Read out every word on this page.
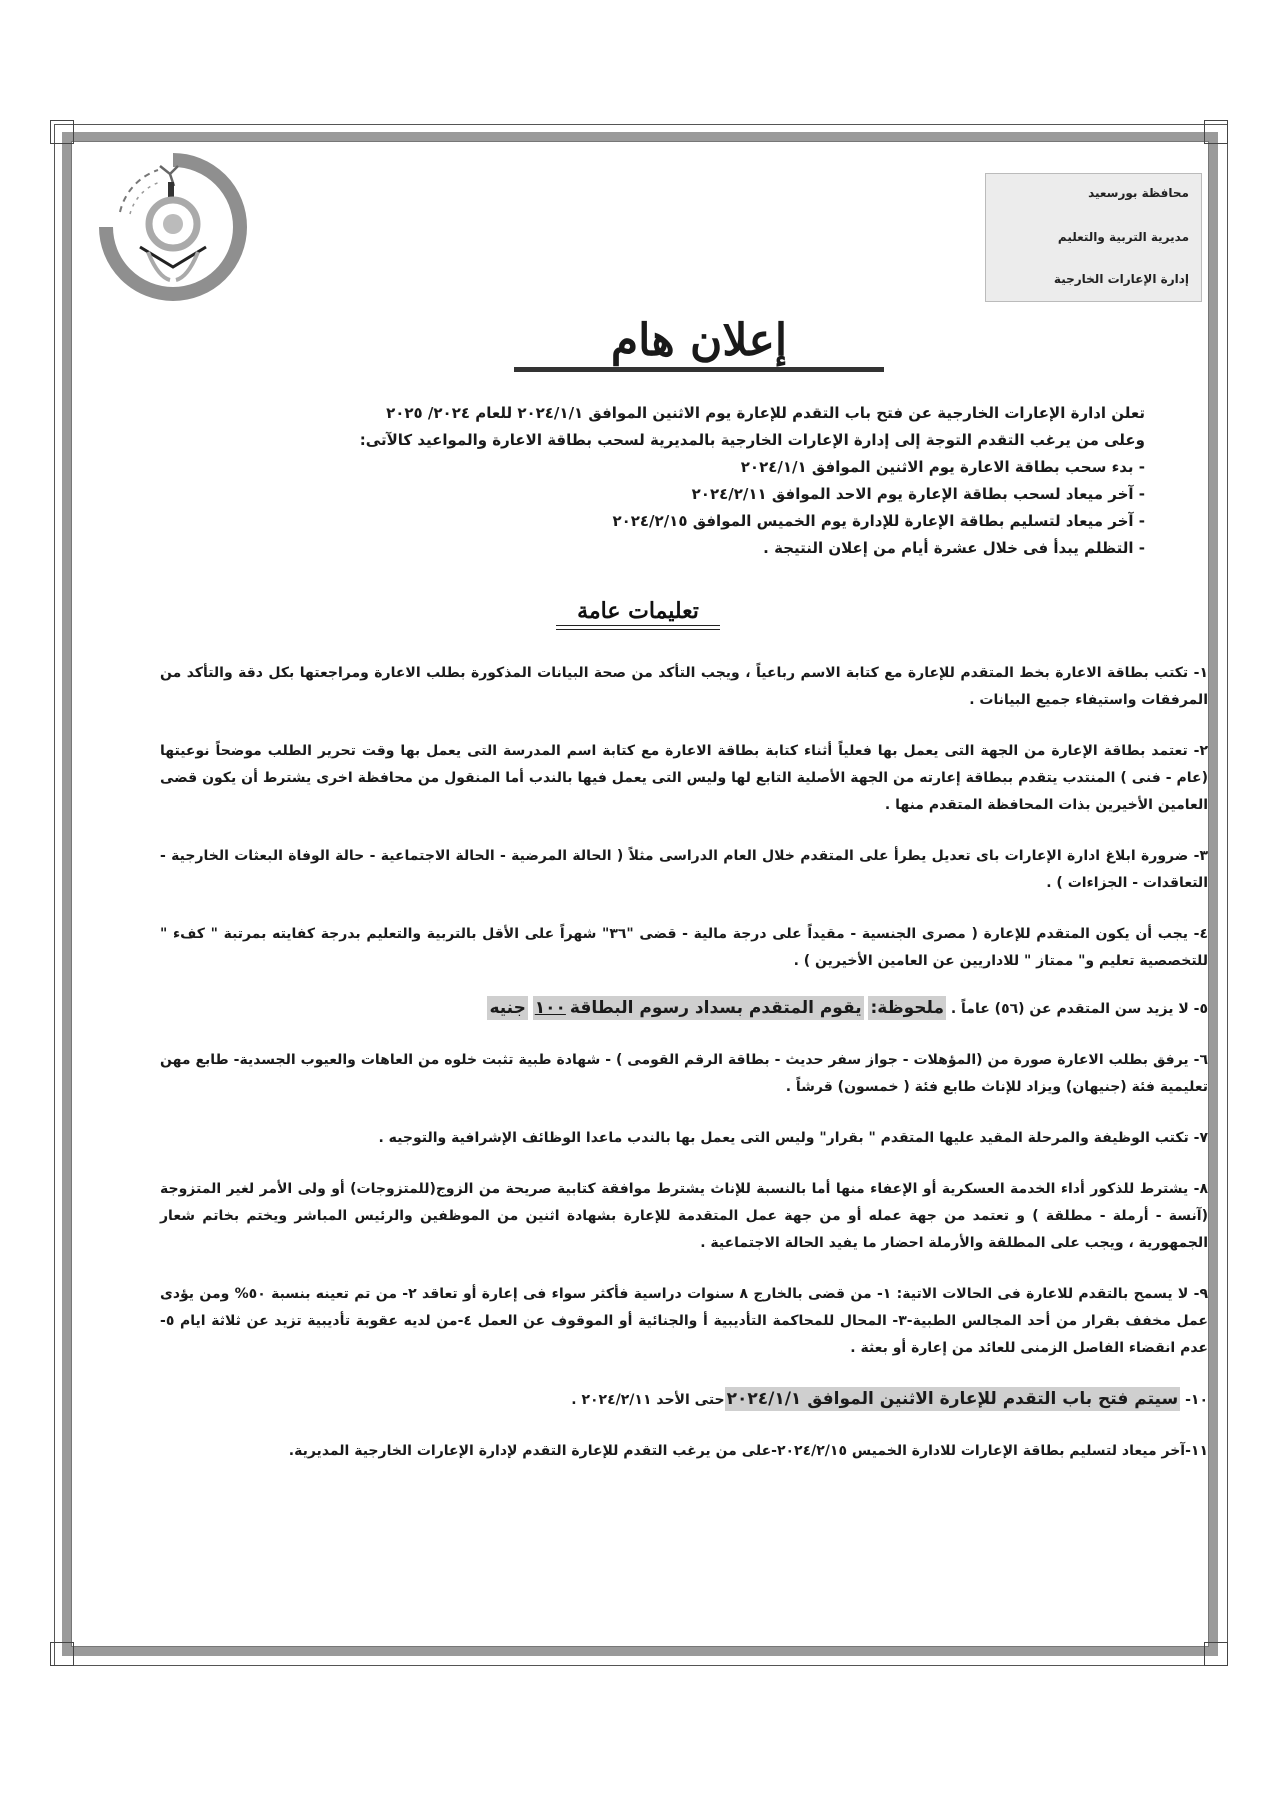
محافظة بورسعيد
مديرية التربية والتعليم
إدارة الإعارات الخارجية
إعلان هام

تعلن ادارة الإعارات الخارجية عن فتح باب التقدم للإعارة يوم الاثنين الموافق ٢٠٢٤/١/١ للعام ٢٠٢٤/ ٢٠٢٥

وعلى من يرغب التقدم التوجة إلى إدارة الإعارات الخارجية بالمديرية لسحب بطاقة الاعارة والمواعيد كالآتى:

- بدء سحب بطاقة الاعارة يوم الاثنين الموافق ٢٠٢٤/١/١

- آخر ميعاد لسحب بطاقة الإعارة يوم الاحد الموافق ٢٠٢٤/٢/١١

- آخر ميعاد لتسليم بطاقة الإعارة للإدارة يوم الخميس الموافق ٢٠٢٤/٢/١٥

- التظلم يبدأ فى خلال عشرة أيام من إعلان النتيجة .

تعليمات عامة

١- تكتب بطاقة الاعارة بخط المتقدم للإعارة مع كتابة الاسم رباعياً ، ويجب التأكد من صحة البيانات المذكورة بطلب الاعارة ومراجعتها بكل دقة والتأكد من المرفقات واستيفاء جميع البيانات .

٢- تعتمد بطاقة الإعارة من الجهة التى يعمل بها فعلياً أثناء كتابة بطاقة الاعارة مع كتابة اسم المدرسة التى يعمل بها وقت تحرير الطلب موضحاً نوعيتها (عام - فنى ) المنتدب يتقدم ببطاقة إعارته من الجهة الأصلية التابع لها وليس التى يعمل فيها بالندب أما المنقول من محافظة اخرى يشترط أن يكون قضى العامين الأخيرين بذات المحافظة المتقدم منها .

٣- ضرورة ابلاغ ادارة الإعارات باى تعديل يطرأ على المتقدم خلال العام الدراسى مثلاً ( الحالة المرضية - الحالة الاجتماعية - حالة الوفاة البعثات الخارجية - التعاقدات - الجزاءات ) .

٤- يجب أن يكون المتقدم للإعارة ( مصرى الجنسية - مقيداً على درجة مالية - قضى "٣٦" شهراً على الأقل بالتربية والتعليم بدرجة كفايته بمرتبة " كفء " للتخصصية تعليم و" ممتاز " للاداريين عن العامين الأخيرين ) .

٥- لا يزيد سن المتقدم عن (٥٦) عاماً . ملحوظة: يقوم المتقدم بسداد رسوم البطاقة١٠٠ جنيه

٦- يرفق بطلب الاعارة صورة من (المؤهلات - جواز سفر حديث - بطاقة الرقم القومى ) - شهادة طبية تثبت خلوه من العاهات والعيوب الجسدية- طابع مهن تعليمية فئة (جنيهان) ويزاد للإناث طابع فئة ( خمسون) قرشاً .

٧- تكتب الوظيفة والمرحلة المقيد عليها المتقدم " بقرار" وليس التى يعمل بها بالندب ماعدا الوظائف الإشرافية والتوجيه .

٨- يشترط للذكور أداء الخدمة العسكرية أو الإعفاء منها أما بالنسبة للإناث يشترط موافقة كتابية صريحة من الزوج(للمتزوجات) أو ولى الأمر لغير المتزوجة (آنسة - أرملة - مطلقة ) و تعتمد من جهة عمله أو من جهة عمل المتقدمة للإعارة بشهادة اثنين من الموظفين والرئيس المباشر ويختم بخاتم شعار الجمهورية ، ويجب على المطلقة والأرملة احضار ما يفيد الحالة الاجتماعية .

٩- لا يسمح بالتقدم للاعارة فى الحالات الاتية: ١- من قضى بالخارج ٨ سنوات دراسية فأكثر سواء فى إعارة أو تعاقد ٢- من تم تعينه بنسبة ٥٠% ومن يؤدى عمل مخفف بقرار من أحد المجالس الطبية-٣- المحال للمحاكمة التأديبية أ والجنائية أو الموقوف عن العمل ٤-من لديه عقوبة تأديبية تزيد عن ثلاثة ايام ٥- عدم انقضاء الفاصل الزمنى للعائد من إعارة أو بعثة .

١٠- سيتم فتح باب التقدم للإعارة الاثنين الموافق ٢٠٢٤/١/١حتى الأحد ٢٠٢٤/٢/١١ .

١١-آخر ميعاد لتسليم بطاقة الإعارات للادارة الخميس ٢٠٢٤/٢/١٥-على من يرغب التقدم للإعارة التقدم لإدارة الإعارات الخارجية المديرية.
